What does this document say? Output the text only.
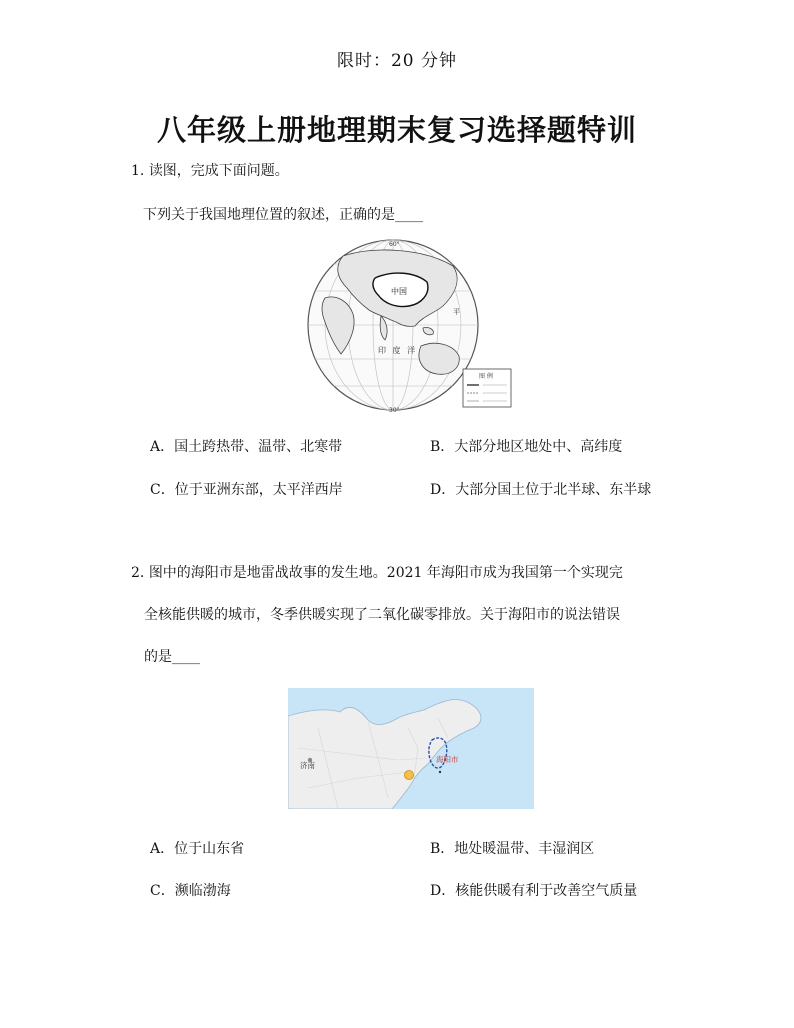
限时：20 分钟
八年级上册地理期末复习选择题特训
1. 读图，完成下面问题。
下列关于我国地理位置的叙述，正确的是____
中国
印 度 洋
平
60°
30°
图 例
A．国土跨热带、温带、北寒带	B．大部分地区地处中、高纬度
C．位于亚洲东部，太平洋西岸	D．大部分国土位于北半球、东半球
2. 图中的海阳市是地雷战故事的发生地。2021 年海阳市成为我国第一个实现完
全核能供暖的城市，冬季供暖实现了二氧化碳零排放。关于海阳市的说法错误
的是____
济南
海阳市
A．位于山东省	B．地处暖温带、丰湿润区
C．濒临渤海	D．核能供暖有利于改善空气质量
